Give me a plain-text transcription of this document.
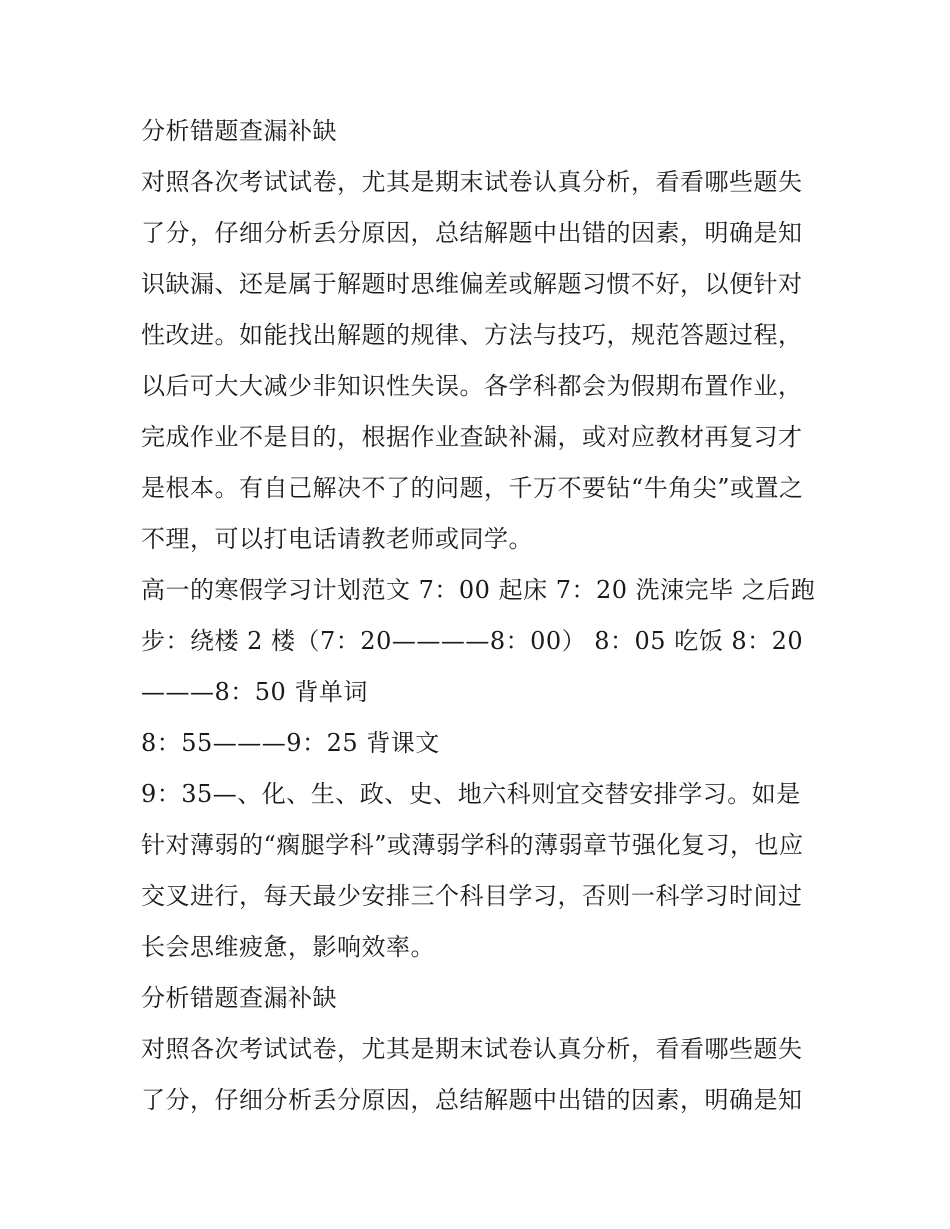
分析错题查漏补缺

对照各次考试试卷，尤其是期末试卷认真分析，看看哪些题失

了分，仔细分析丢分原因，总结解题中出错的因素，明确是知

识缺漏、还是属于解题时思维偏差或解题习惯不好，以便针对

性改进。如能找出解题的规律、方法与技巧，规范答题过程，

以后可大大减少非知识性失误。各学科都会为假期布置作业，

完成作业不是目的，根据作业查缺补漏，或对应教材再复习才

是根本。有自己解决不了的问题，千万不要钻“牛角尖”或置之

不理，可以打电话请教老师或同学。

高一的寒假学习计划范文 7：00 起床 7：20 洗涑完毕 之后跑

步：绕楼 2 楼（7：20————8：00） 8：05 吃饭 8：20

———8：50 背单词

8：55———9：25 背课文

9：35—、化、生、政、史、地六科则宜交替安排学习。如是

针对薄弱的“瘸腿学科”或薄弱学科的薄弱章节强化复习，也应

交叉进行，每天最少安排三个科目学习，否则一科学习时间过

长会思维疲惫，影响效率。

分析错题查漏补缺

对照各次考试试卷，尤其是期末试卷认真分析，看看哪些题失

了分，仔细分析丢分原因，总结解题中出错的因素，明确是知
